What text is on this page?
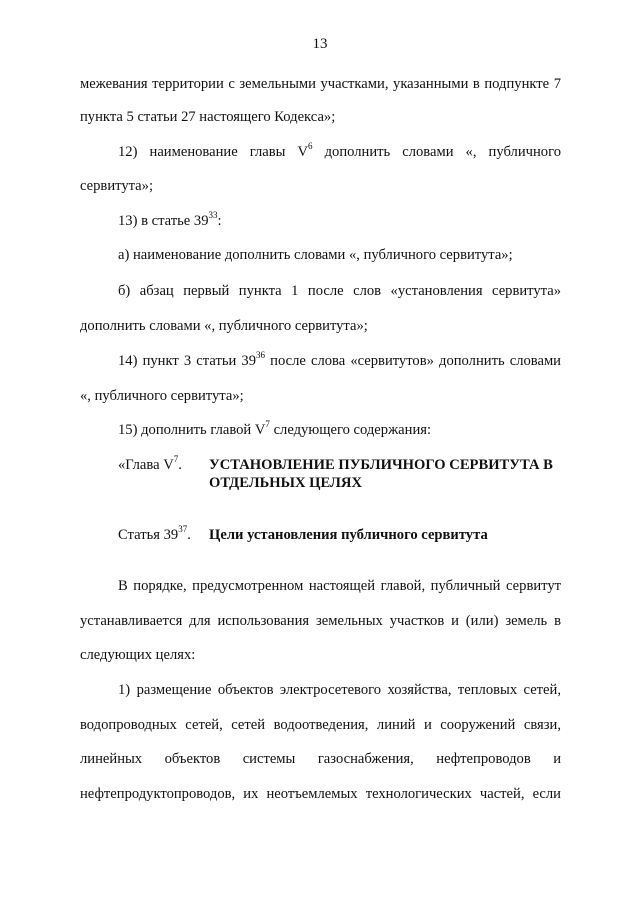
13
межевания территории с земельными участками, указанными в подпункте 7
пункта 5 статьи 27 настоящего Кодекса»;
12) наименование главы $V^6$ дополнить словами «, публичного
сервитута»;
13) в статье $39^{33}$:
а) наименование дополнить словами «, публичного сервитута»;
б) абзац первый пункта 1 после слов «установления сервитута»
дополнить словами «, публичного сервитута»;
14) пункт 3 статьи $39^{36}$ после слова «сервитутов» дополнить словами
«, публичного сервитута»;
15) дополнить главой $V^7$ следующего содержания:
«Глава $V^7$. УСТАНОВЛЕНИЕ ПУБЛИЧНОГО СЕРВИТУТА В
ОТДЕЛЬНЫХ ЦЕЛЯХ
Статья $39^{37}$. Цели установления публичного сервитута
В порядке, предусмотренном настоящей главой, публичный сервитут
устанавливается для использования земельных участков и (или) земель в
следующих целях:
1) размещение объектов электросетевого хозяйства, тепловых сетей,
водопроводных сетей, сетей водоотведения, линий и сооружений связи,
линейных объектов системы газоснабжения, нефтепроводов и
нефтепродуктопроводов, их неотъемлемых технологических частей, если
